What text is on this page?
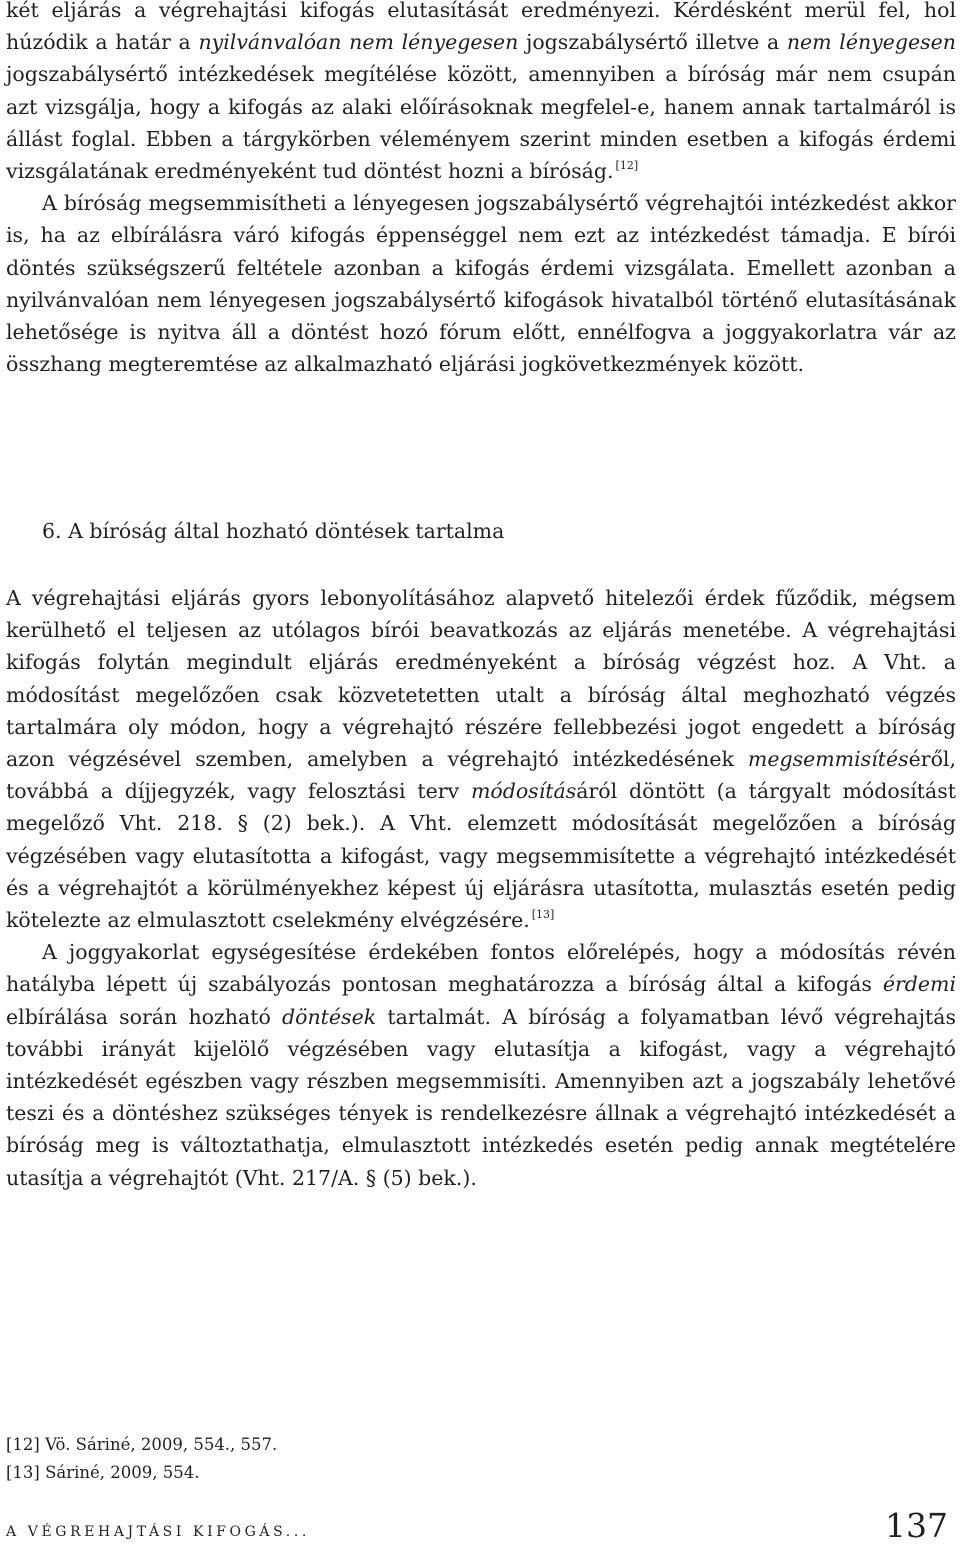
két eljárás a végrehajtási kifogás elutasítását eredményezi. Kérdésként merül fel, hol húzódik a határ a nyilvánvalóan nem lényegesen jogszabálysértő illetve a nem lényegesen jogszabálysértő intézkedések megítélése között, amennyiben a bíróság már nem csupán azt vizsgálja, hogy a kifogás az alaki előírásoknak megfelel-e, hanem annak tartalmáról is állást foglal. Ebben a tárgykörben véleményem szerint minden esetben a kifogás érdemi vizsgálatának eredményeként tud döntést hozni a bíróság. [12]

A bíróság megsemmisítheti a lényegesen jogszabálysértő végrehajtói intézkedést akkor is, ha az elbírálásra váró kifogás éppenséggel nem ezt az intézkedést támadja. E bírói döntés szükségszerű feltétele azonban a kifogás érdemi vizsgálata. Emellett azonban a nyilvánvalóan nem lényegesen jogszabálysértő kifogások hivatalból történő elutasításának lehetősége is nyitva áll a döntést hozó fórum előtt, ennélfogva a joggyakorlatra vár az összhang megteremtése az alkalmazható eljárási jogkövetkezmények között.

6. A bíróság által hozható döntések tartalma

A végrehajtási eljárás gyors lebonyolításához alapvető hitelezői érdek fűződik, mégsem kerülhető el teljesen az utólagos bírói beavatkozás az eljárás menetébe. A végrehajtási kifogás folytán megindult eljárás eredményeként a bíróság végzést hoz. A Vht. a módosítást megelőzően csak közvetetetten utalt a bíróság által meghozható végzés tartalmára oly módon, hogy a végrehajtó részére fellebbezési jogot engedett a bíróság azon végzésével szemben, amelyben a végrehajtó intézkedésének megsemmisítéséről, továbbá a díjjegyzék, vagy felosztási terv módosításáról döntött (a tárgyalt módosítást megelőző Vht. 218. § (2) bek.). A Vht. elemzett módosítását megelőzően a bíróság végzésében vagy elutasította a kifogást, vagy megsemmisítette a végrehajtó intézkedését és a végrehajtót a körülményekhez képest új eljárásra utasította, mulasztás esetén pedig kötelezte az elmulasztott cselekmény elvégzésére. [13]

A joggyakorlat egységesítése érdekében fontos előrelépés, hogy a módosítás révén hatályba lépett új szabályozás pontosan meghatározza a bíróság által a kifogás érdemi elbírálása során hozható döntések tartalmát. A bíróság a folyamatban lévő végrehajtás további irányát kijelölő végzésében vagy elutasítja a kifogást, vagy a végrehajtó intézkedését egészben vagy részben megsemmisíti. Amennyiben azt a jogszabály lehetővé teszi és a döntéshez szükséges tények is rendelkezésre állnak a végrehajtó intézkedését a bíróság meg is változtathatja, elmulasztott intézkedés esetén pedig annak megtételére utasítja a végrehajtót (Vht. 217/A. § (5) bek.).

[12] Vö. Sáriné, 2009, 554., 557.
[13] Sáriné, 2009, 554.
A VÉGREHAJTÁSI KIFOGÁS...	137
